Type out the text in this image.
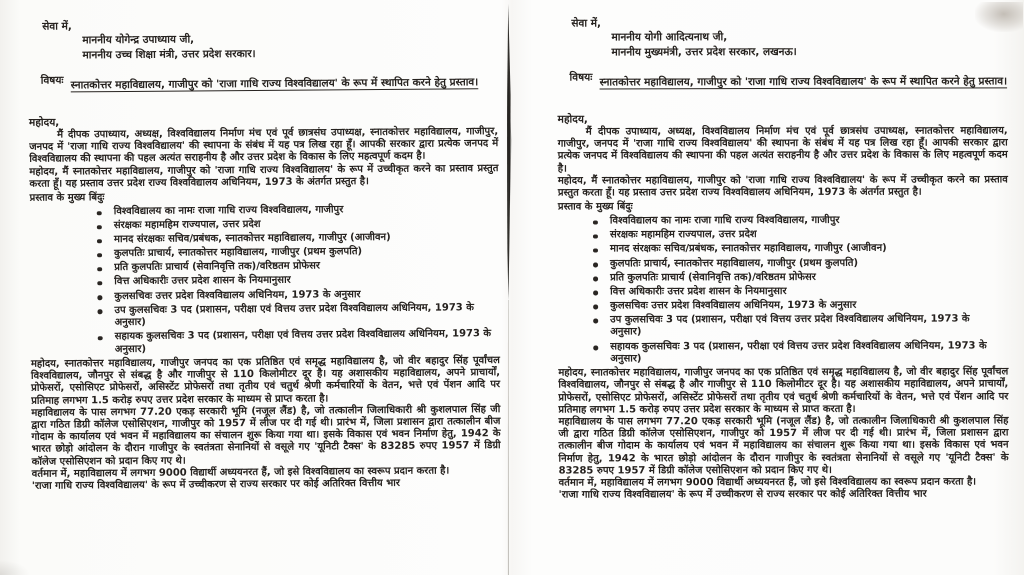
सेवा में,
माननीय योगेन्द्र उपाध्याय जी,
माननीय उच्च शिक्षा मंत्री, उत्तर प्रदेश सरकार।
विषयः स्नातकोत्तर महाविद्यालय, गाजीपुर को 'राजा गाधि राज्य विश्वविद्यालय' के रूप में स्थापित करने हेतु प्रस्ताव।
महोदय,

मैं दीपक उपाध्याय, अध्यक्ष, विश्वविद्यालय निर्माण मंच एवं पूर्व छात्रसंघ उपाध्यक्ष, स्नातकोत्तर महाविद्यालय, गाजीपुर, जनपद में 'राजा गाधि राज्य विश्वविद्यालय' की स्थापना के संबंध में यह पत्र लिख रहा हूँ। आपकी सरकार द्वारा प्रत्येक जनपद में विश्वविद्यालय की स्थापना की पहल अत्यंत सराहनीय है और उत्तर प्रदेश के विकास के लिए महत्वपूर्ण कदम है।

महोदय, मैं स्नातकोत्तर महाविद्यालय, गाजीपुर को 'राजा गाधि राज्य विश्वविद्यालय' के रूप में उच्चीकृत करने का प्रस्ताव प्रस्तुत करता हूँ। यह प्रस्ताव उत्तर प्रदेश राज्य विश्वविद्यालय अधिनियम, 1973 के अंतर्गत प्रस्तुत है।

प्रस्ताव के मुख्य बिंदुः
विश्वविद्यालय का नामः राजा गाधि राज्य विश्वविद्यालय, गाजीपुर
संरक्षकः महामहिम राज्यपाल, उत्तर प्रदेश
मानद संरक्षकः सचिव/प्रबंधक, स्नातकोत्तर महाविद्यालय, गाजीपुर (आजीवन)
कुलपतिः प्राचार्य, स्नातकोत्तर महाविद्यालय, गाजीपुर (प्रथम कुलपति)
प्रति कुलपतिः प्राचार्य (सेवानिवृत्ति तक)/वरिष्ठतम प्रोफेसर
वित्त अधिकारीः उत्तर प्रदेश शासन के नियमानुसार
कुलसचिवः उत्तर प्रदेश विश्वविद्यालय अधिनियम, 1973 के अनुसार
उप कुलसचिवः 3 पद (प्रशासन, परीक्षा एवं वित्तय उत्तर प्रदेश विश्वविद्यालय अधिनियम, 1973 के अनुसार)
सहायक कुलसचिवः 3 पद (प्रशासन, परीक्षा एवं वित्तय उत्तर प्रदेश विश्वविद्यालय अधिनियम, 1973 के अनुसार)

महोदय, स्नातकोत्तर महाविद्यालय, गाजीपुर जनपद का एक प्रतिष्ठित एवं समृद्ध महाविद्यालय है, जो वीर बहादुर सिंह पूर्वांचल विश्वविद्यालय, जौनपुर से संबद्ध है और गाजीपुर से 110 किलोमीटर दूर है। यह अशासकीय महाविद्यालय, अपने प्राचार्यों, प्रोफेसरों, एसोसिएट प्रोफेसरों, असिस्टेंट प्रोफेसरों तथा तृतीय एवं चतुर्थ श्रेणी कर्मचारियों के वेतन, भत्ते एवं पेंशन आदि पर प्रतिमाह लगभग 1.5 करोड़ रुपए उत्तर प्रदेश सरकार के माध्यम से प्राप्त करता है।

महाविद्यालय के पास लगभग 77.20 एकड़ सरकारी भूमि (नजूल लैंड) है, जो तत्कालीन जिलाधिकारी श्री कुशलपाल सिंह जी द्वारा गठित डिग्री कॉलेज एसोसिएशन, गाजीपुर को 1957 में लीज पर दी गई थी। प्रारंभ में, जिला प्रशासन द्वारा तत्कालीन बीज गोदाम के कार्यालय एवं भवन में महाविद्यालय का संचालन शुरू किया गया था। इसके विकास एवं भवन निर्माण हेतु, 1942 के भारत छोड़ो आंदोलन के दौरान गाजीपुर के स्वतंत्रता सेनानियों से वसूले गए 'यूनिटी टैक्स' के 83285 रुपए 1957 में डिग्री कॉलेज एसोसिएशन को प्रदान किए गए थे।

वर्तमान में, महाविद्यालय में लगभग 9000 विद्यार्थी अध्ययनरत हैं, जो इसे विश्वविद्यालय का स्वरूप प्रदान करता है।

'राजा गाधि राज्य विश्वविद्यालय' के रूप में उच्चीकरण से राज्य सरकार पर कोई अतिरिक्त वित्तीय भार

सेवा में,
माननीय योगी आदित्यनाथ जी,
माननीय मुख्यमंत्री, उत्तर प्रदेश सरकार, लखनऊ।
विषयः स्नातकोत्तर महाविद्यालय, गाजीपुर को 'राजा गाधि राज्य विश्वविद्यालय' के रूप में स्थापित करने हेतु प्रस्ताव।
महोदय,

मैं दीपक उपाध्याय, अध्यक्ष, विश्वविद्यालय निर्माण मंच एवं पूर्व छात्रसंघ उपाध्यक्ष, स्नातकोत्तर महाविद्यालय, गाजीपुर, जनपद में 'राजा गाधि राज्य विश्वविद्यालय' की स्थापना के संबंध में यह पत्र लिख रहा हूँ। आपकी सरकार द्वारा प्रत्येक जनपद में विश्वविद्यालय की स्थापना की पहल अत्यंत सराहनीय है और उत्तर प्रदेश के विकास के लिए महत्वपूर्ण कदम है।

महोदय, मैं स्नातकोत्तर महाविद्यालय, गाजीपुर को 'राजा गाधि राज्य विश्वविद्यालय' के रूप में उच्चीकृत करने का प्रस्ताव प्रस्तुत करता हूँ। यह प्रस्ताव उत्तर प्रदेश राज्य विश्वविद्यालय अधिनियम, 1973 के अंतर्गत प्रस्तुत है।

प्रस्ताव के मुख्य बिंदुः
विश्वविद्यालय का नामः राजा गाधि राज्य विश्वविद्यालय, गाजीपुर
संरक्षकः महामहिम राज्यपाल, उत्तर प्रदेश
मानद संरक्षकः सचिव/प्रबंधक, स्नातकोत्तर महाविद्यालय, गाजीपुर (आजीवन)
कुलपतिः प्राचार्य, स्नातकोत्तर महाविद्यालय, गाजीपुर (प्रथम कुलपति)
प्रति कुलपतिः प्राचार्य (सेवानिवृत्ति तक)/वरिष्ठतम प्रोफेसर
वित्त अधिकारीः उत्तर प्रदेश शासन के नियमानुसार
कुलसचिवः उत्तर प्रदेश विश्वविद्यालय अधिनियम, 1973 के अनुसार
उप कुलसचिवः 3 पद (प्रशासन, परीक्षा एवं वित्तय उत्तर प्रदेश विश्वविद्यालय अधिनियम, 1973 के अनुसार)
सहायक कुलसचिवः 3 पद (प्रशासन, परीक्षा एवं वित्तय उत्तर प्रदेश विश्वविद्यालय अधिनियम, 1973 के अनुसार)

महोदय, स्नातकोत्तर महाविद्यालय, गाजीपुर जनपद का एक प्रतिष्ठित एवं समृद्ध महाविद्यालय है, जो वीर बहादुर सिंह पूर्वांचल विश्वविद्यालय, जौनपुर से संबद्ध है और गाजीपुर से 110 किलोमीटर दूर है। यह अशासकीय महाविद्यालय, अपने प्राचार्यों, प्रोफेसरों, एसोसिएट प्रोफेसरों, असिस्टेंट प्रोफेसरों तथा तृतीय एवं चतुर्थ श्रेणी कर्मचारियों के वेतन, भत्ते एवं पेंशन आदि पर प्रतिमाह लगभग 1.5 करोड़ रुपए उत्तर प्रदेश सरकार के माध्यम से प्राप्त करता है।

महाविद्यालय के पास लगभग 77.20 एकड़ सरकारी भूमि (नजूल लैंड) है, जो तत्कालीन जिलाधिकारी श्री कुशलपाल सिंह जी द्वारा गठित डिग्री कॉलेज एसोसिएशन, गाजीपुर को 1957 में लीज पर दी गई थी। प्रारंभ में, जिला प्रशासन द्वारा तत्कालीन बीज गोदाम के कार्यालय एवं भवन में महाविद्यालय का संचालन शुरू किया गया था। इसके विकास एवं भवन निर्माण हेतु, 1942 के भारत छोड़ो आंदोलन के दौरान गाजीपुर के स्वतंत्रता सेनानियों से वसूले गए 'यूनिटी टैक्स' के 83285 रुपए 1957 में डिग्री कॉलेज एसोसिएशन को प्रदान किए गए थे।

वर्तमान में, महाविद्यालय में लगभग 9000 विद्यार्थी अध्ययनरत हैं, जो इसे विश्वविद्यालय का स्वरूप प्रदान करता है।

'राजा गाधि राज्य विश्वविद्यालय' के रूप में उच्चीकरण से राज्य सरकार पर कोई अतिरिक्त वित्तीय भार
